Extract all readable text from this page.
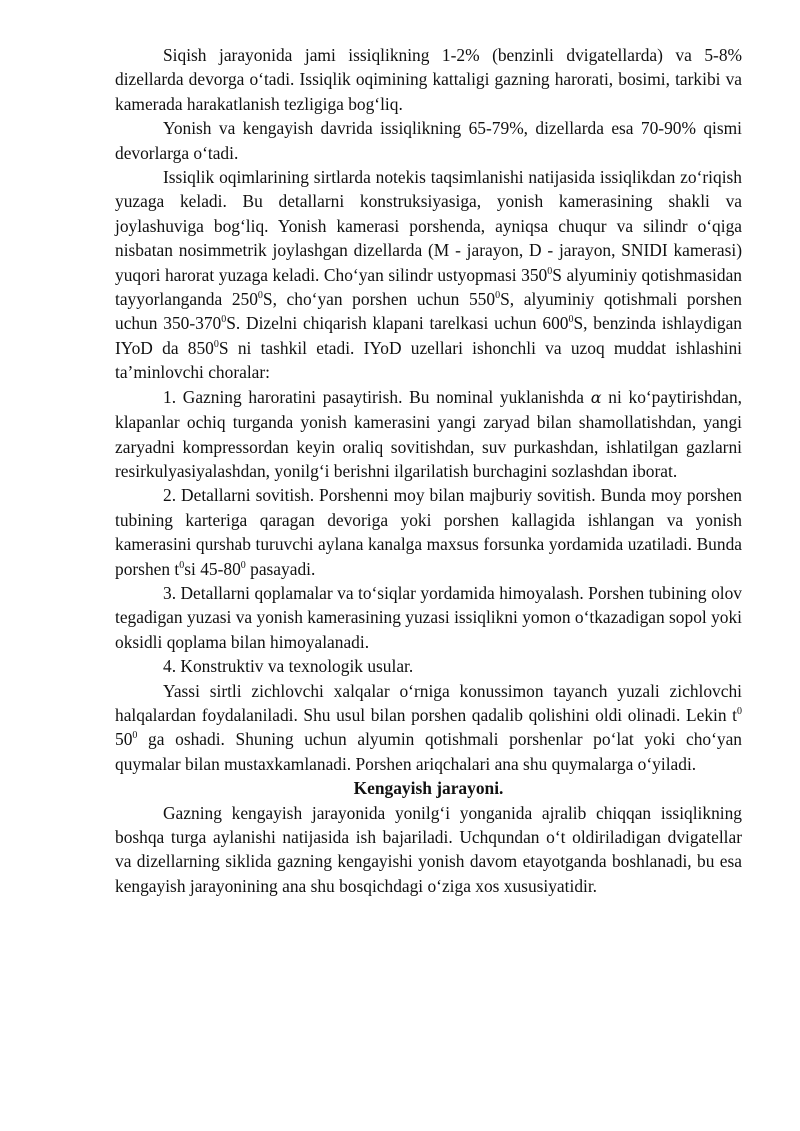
Siqish jarayonida jami issiqlikning 1-2% (benzinli dvigatellarda) va 5-8% dizellarda devorga o‘tadi. Issiqlik oqimining kattaligi gazning harorati, bosimi, tarkibi va kamerada harakatlanish tezligiga bog‘liq.

Yonish va kengayish davrida issiqlikning 65-79%, dizellarda esa 70-90% qismi devorlarga o‘tadi.

Issiqlik oqimlarining sirtlarda notekis taqsimlanishi natijasida issiqlikdan zo‘riqish yuzaga keladi. Bu detallarni konstruksiyasiga, yonish kamerasining shakli va joylashuviga bog‘liq. Yonish kamerasi porshenda, ayniqsa chuqur va silindr o‘qiga nisbatan nosimmetrik joylashgan dizellarda (M - jarayon, D - jarayon, SNIDI kamerasi) yuqori harorat yuzaga keladi. Cho‘yan silindr ustyopmasi $350^0S$ alyuminiy qotishmasidan tayyorlanganda $250^0S$, cho‘yan porshen uchun $550^0S$, alyuminiy qotishmali porshen uchun $350-370^0S$. Dizelni chiqarish klapani tarelkasi uchun $600^0S$, benzinda ishlaydigan IYoD da $850^0S$ ni tashkil etadi. IYoD uzellari ishonchli va uzoq muddat ishlashini ta’minlovchi choralar:

1. Gazning haroratini pasaytirish. Bu nominal yuklanishda α ni ko‘paytirishdan, klapanlar ochiq turganda yonish kamerasini yangi zaryad bilan shamollatishdan, yangi zaryadni kompressordan keyin oraliq sovitishdan, suv purkashdan, ishlatilgan gazlarni resirkulyasiyalashdan, yonilg‘i berishni ilgarilatish burchagini sozlashdan iborat.

2. Detallarni sovitish. Porshenni moy bilan majburiy sovitish. Bunda moy porshen tubining karteriga qaragan devoriga yoki porshen kallagida ishlangan va yonish kamerasini qurshab turuvchi aylana kanalga maxsus forsunka yordamida uzatiladi. Bunda porshen $t^0si$ $45-80^0$ pasayadi.

3. Detallarni qoplamalar va to‘siqlar yordamida himoyalash. Porshen tubining olov tegadigan yuzasi va yonish kamerasining yuzasi issiqlikni yomon o‘tkazadigan sopol yoki oksidli qoplama bilan himoyalanadi.

4. Konstruktiv va texnologik usular.

Yassi sirtli zichlovchi xalqalar o‘rniga konussimon tayanch yuzali zichlovchi halqalardan foydalaniladi. Shu usul bilan porshen qadalib qolishini oldi olinadi. Lekin $t^0$ $50^0$ ga oshadi. Shuning uchun alyumin qotishmali porshenlar po‘lat yoki cho‘yan quymalar bilan mustaxkamlanadi. Porshen ariqchalari ana shu quymalarga o‘yiladi.

Kengayish jarayoni.

Gazning kengayish jarayonida yonilg‘i yonganida ajralib chiqqan issiqlikning boshqa turga aylanishi natijasida ish bajariladi. Uchqundan o‘t oldiriladigan dvigatellar va dizellarning siklida gazning kengayishi yonish davom etayotganda boshlanadi, bu esa kengayish jarayonining ana shu bosqichdagi o‘ziga xos xususiyatidir.
